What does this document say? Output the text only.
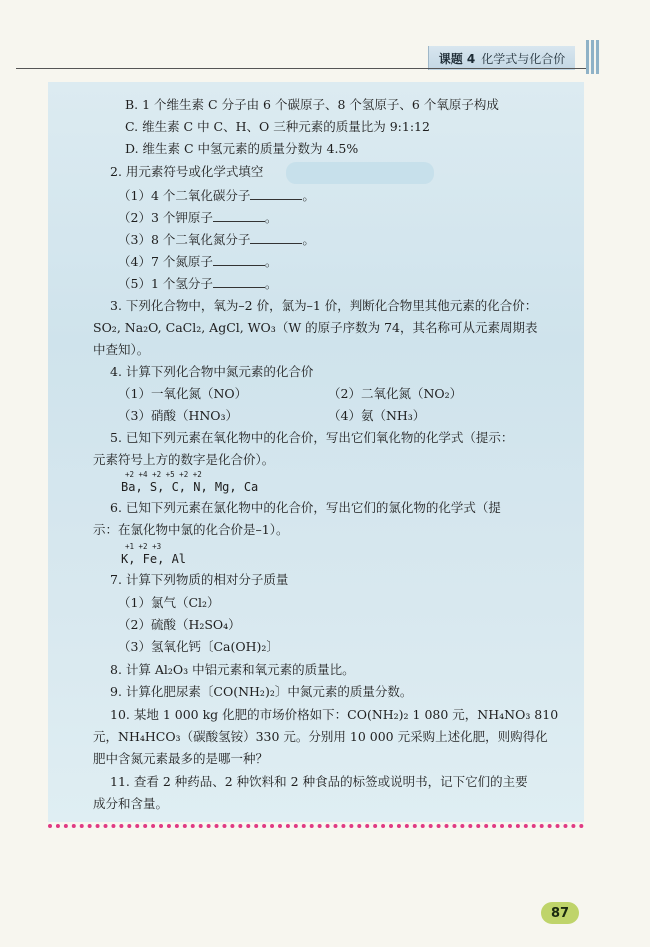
课题 4 化学式与化合价
B. 1 个维生素 C 分子由 6 个碳原子、8 个氢原子、6 个氧原子构成
C. 维生素 C 中 C、H、O 三种元素的质量比为 9:1:12
D. 维生素 C 中氢元素的质量分数为 4.5%
2. 用元素符号或化学式填空
（1）4 个二氧化碳分子	。
（2）3 个钾原子	。
（3）8 个二氧化氮分子	。
（4）7 个氮原子	。
（5）1 个氢分子	。
3. 下列化合物中，氧为–2 价，氯为–1 价，判断化合物里其他元素的化合价：
SO₂, Na₂O, CaCl₂, AgCl, WO₃（W 的原子序数为 74，其名称可从元素周期表
中查知）。
4. 计算下列化合物中氮元素的化合价
（1）一氧化氮（NO）	（2）二氧化氮（NO₂）
（3）硝酸（HNO₃）	（4）氨（NH₃）
5. 已知下列元素在氧化物中的化合价，写出它们氧化物的化学式（提示：
元素符号上方的数字是化合价）。
+2 +4 +2 +5 +2 +2
Ba, S, C, N, Mg, Ca
6. 已知下列元素在氯化物中的化合价，写出它们的氯化物的化学式（提
示：在氯化物中氯的化合价是–1）。
+1 +2 +3
K, Fe, Al
7. 计算下列物质的相对分子质量
（1）氯气（Cl₂）
（2）硫酸（H₂SO₄）
（3）氢氧化钙〔Ca(OH)₂〕
8. 计算 Al₂O₃ 中铝元素和氧元素的质量比。
9. 计算化肥尿素〔CO(NH₂)₂〕中氮元素的质量分数。
10. 某地 1 000 kg 化肥的市场价格如下：CO(NH₂)₂ 1 080 元，NH₄NO₃ 810
元，NH₄HCO₃（碳酸氢铵）330 元。分别用 10 000 元采购上述化肥，则购得化
肥中含氮元素最多的是哪一种？
11. 查看 2 种药品、2 种饮料和 2 种食品的标签或说明书，记下它们的主要
成分和含量。
87
